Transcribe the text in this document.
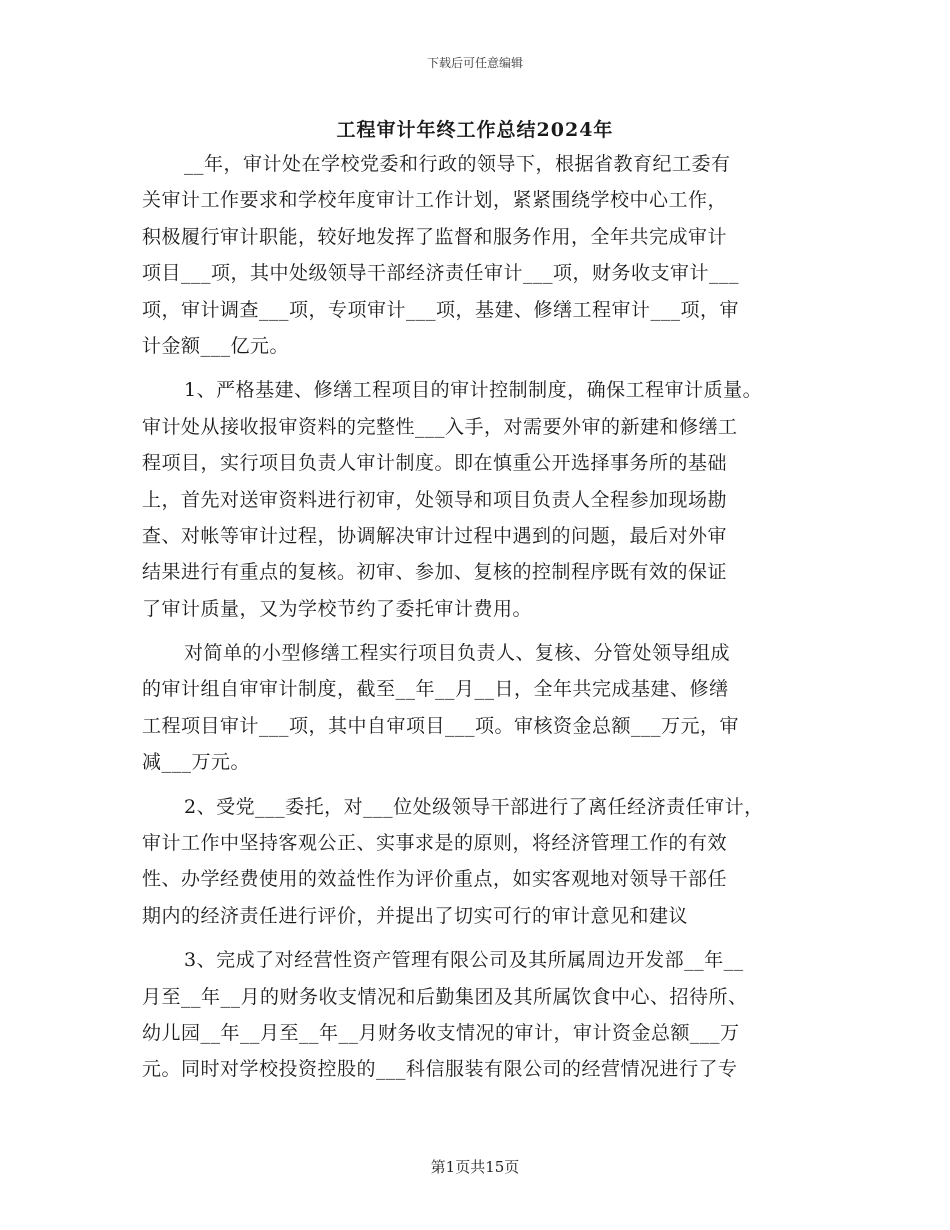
下载后可任意编辑
工程审计年终工作总结2024年
__年，审计处在学校党委和行政的领导下，根据省教育纪工委有
关审计工作要求和学校年度审计工作计划，紧紧围绕学校中心工作，
积极履行审计职能，较好地发挥了监督和服务作用，全年共完成审计
项目___项，其中处级领导干部经济责任审计___项，财务收支审计___
项，审计调查___项，专项审计___项，基建、修缮工程审计___项，审
计金额___亿元。
1、严格基建、修缮工程项目的审计控制制度，确保工程审计质量。
审计处从接收报审资料的完整性___入手，对需要外审的新建和修缮工
程项目，实行项目负责人审计制度。即在慎重公开选择事务所的基础
上，首先对送审资料进行初审，处领导和项目负责人全程参加现场勘
查、对帐等审计过程，协调解决审计过程中遇到的问题，最后对外审
结果进行有重点的复核。初审、参加、复核的控制程序既有效的保证
了审计质量，又为学校节约了委托审计费用。
对简单的小型修缮工程实行项目负责人、复核、分管处领导组成
的审计组自审审计制度，截至__年__月__日，全年共完成基建、修缮
工程项目审计___项，其中自审项目___项。审核资金总额___万元，审
减___万元。
2、受党___委托，对___位处级领导干部进行了离任经济责任审计，
审计工作中坚持客观公正、实事求是的原则，将经济管理工作的有效
性、办学经费使用的效益性作为评价重点，如实客观地对领导干部任
期内的经济责任进行评价，并提出了切实可行的审计意见和建议
3、完成了对经营性资产管理有限公司及其所属周边开发部__年__
月至__年__月的财务收支情况和后勤集团及其所属饮食中心、招待所、
幼儿园__年__月至__年__月财务收支情况的审计，审计资金总额___万
元。同时对学校投资控股的___科信服装有限公司的经营情况进行了专
第1页共15页
